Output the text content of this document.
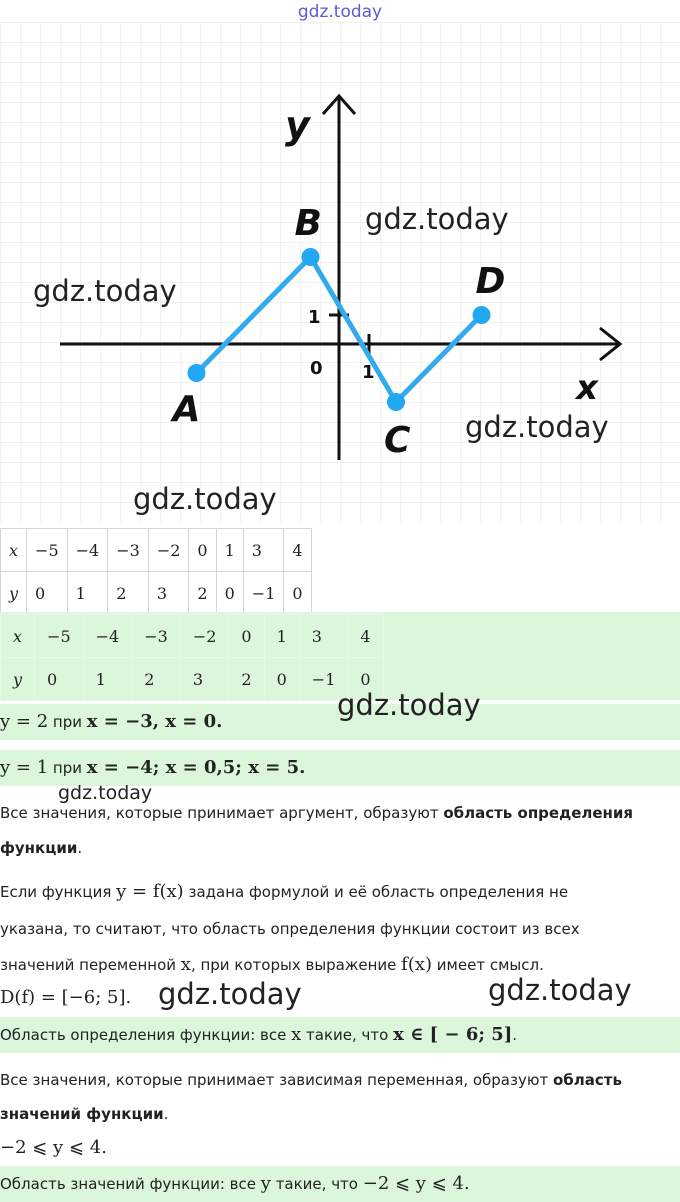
gdz.today
A
B
C
D
y
x
0 1
1
gdz.today
gdz.today
gdz.today
gdz.today
x	−5	−4	−3	−2	0	1	3	4
y	0	1	2	3	2	0	−1	0
x	−5	−4	−3	−2	0	1	3	4
y	0	1	2	3	2	0	−1	0
y = 2 при x = −3, x = 0.	gdz.today
y = 1 при x = −4; x = 0,5; x = 5.
gdz.today
Все значения, которые принимает аргумент, образуют область определения
функции.
Если функция y = f(x) задана формулой и её область определения не
указана, то считают, что область определения функции состоит из всех
значений переменной x, при которых выражение f(x) имеет смысл.
D(f) = [−6; 5]. gdz.today	gdz.today
Область определения функции: все x такие, что x ∈ [ − 6; 5].
Все значения, которые принимает зависимая переменная, образуют область
значений функции.
−2 ⩽ y ⩽ 4.
Область значений функции: все y такие, что −2 ⩽ y ⩽ 4.
